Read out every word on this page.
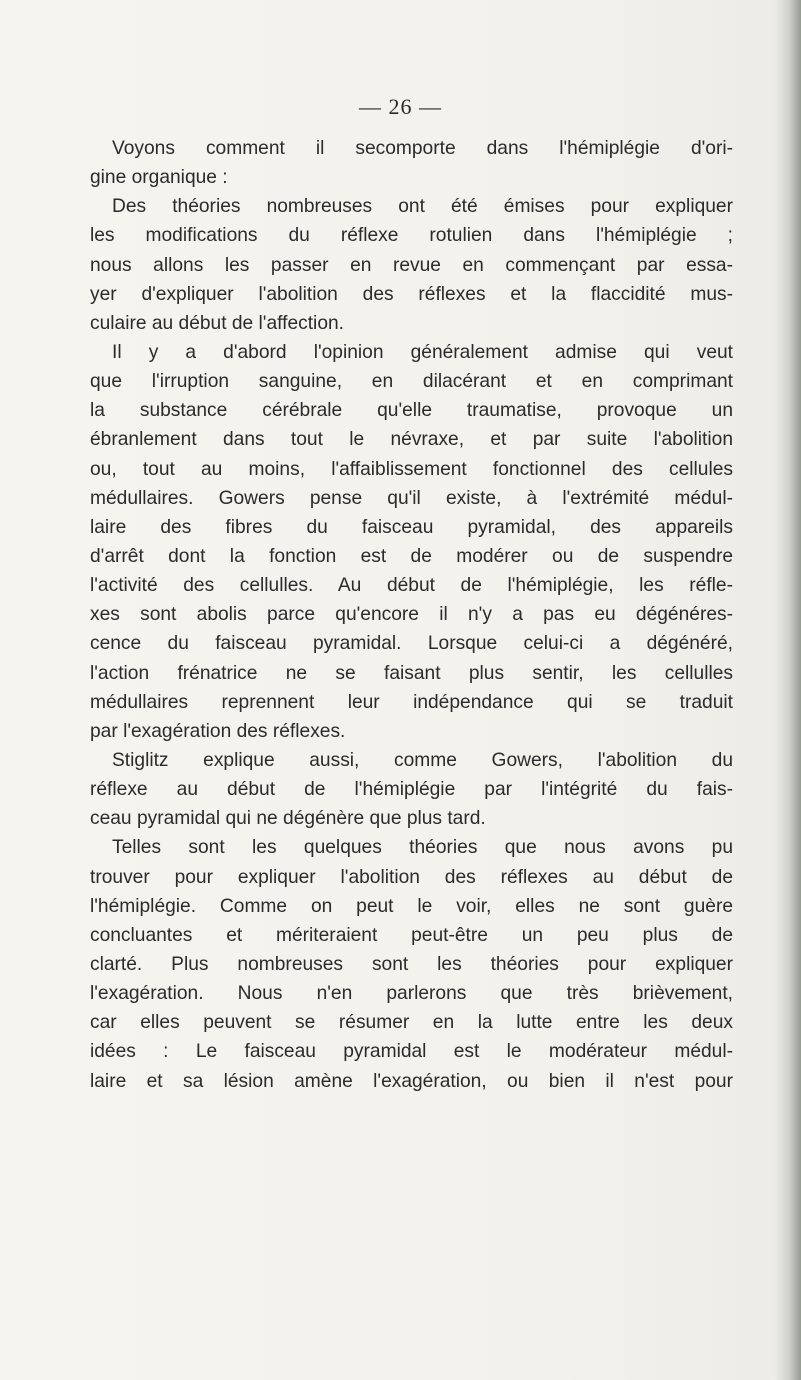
— 26 —
Voyons comment il secomporte dans l'hémiplégie d'ori-
gine organique :
Des théories nombreuses ont été émises pour expliquer
les modifications du réflexe rotulien dans l'hémiplégie ;
nous allons les passer en revue en commençant par essa-
yer d'expliquer l'abolition des réflexes et la flaccidité mus-
culaire au début de l'affection.
Il y a d'abord l'opinion généralement admise qui veut
que l'irruption sanguine, en dilacérant et en comprimant
la substance cérébrale qu'elle traumatise, provoque un
ébranlement dans tout le névraxe, et par suite l'abolition
ou, tout au moins, l'affaiblissement fonctionnel des cellules
médullaires. Gowers pense qu'il existe, à l'extrémité médul-
laire des fibres du faisceau pyramidal, des appareils
d'arrêt dont la fonction est de modérer ou de suspendre
l'activité des cellulles. Au début de l'hémiplégie, les réfle-
xes sont abolis parce qu'encore il n'y a pas eu dégénéres-
cence du faisceau pyramidal. Lorsque celui-ci a dégénéré,
l'action frénatrice ne se faisant plus sentir, les cellulles
médullaires reprennent leur indépendance qui se traduit
par l'exagération des réflexes.
Stiglitz explique aussi, comme Gowers, l'abolition du
réflexe au début de l'hémiplégie par l'intégrité du fais-
ceau pyramidal qui ne dégénère que plus tard.
Telles sont les quelques théories que nous avons pu
trouver pour expliquer l'abolition des réflexes au début de
l'hémiplégie. Comme on peut le voir, elles ne sont guère
concluantes et mériteraient peut-être un peu plus de
clarté. Plus nombreuses sont les théories pour expliquer
l'exagération. Nous n'en parlerons que très brièvement,
car elles peuvent se résumer en la lutte entre les deux
idées : Le faisceau pyramidal est le modérateur médul-
laire et sa lésion amène l'exagération, ou bien il n'est pour
